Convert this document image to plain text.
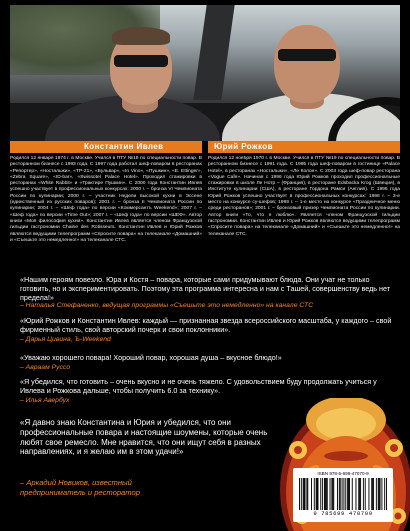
Константин Ивлев	Юрий Рожков
Родился 12 января 1974 г. в Москве. Учился в ПТУ №19 по специальности повар. В ресторанном бизнесе с 1993 года. С 1997 года работал шеф-поваром в ресторанах «Репортер», «Ностальжи», «ТР-21», «Бульвар», «In Vino», «Пушкин», «E. Ettinger», «Zebra Square», «ID-bar», «Swissotel Palace Hotel». Проходил стажировки в ресторанах «White Rabbit» и «Трактире Пушкин». С 2000 года Константин Ивлев успешно участвует в профессиональных конкурсах: 2000 г. – бронза VI Чемпионата России по кулинарии; 2000 г. – участник Недели высокой кухни в Эссене (единственный из русских поваров); 2001 г. – бронза II Чемпионата России по кулинарии; 2004 г. – «Шеф года» по версии «Коммерсантъ Weekend»; 2007 г. – «Шеф года» по версии «Time Out»; 2007 г. – «Шеф года» по версии «ШЕФ». Автор книги «Моя философия кухни». Константин Ивлев является членом Французской гильдии гастрономии Chaine des Rotisseurs. Константин Ивлев и Юрий Рожков являются ведущими телепрограмм «Спросите повара» на телеканале «Домашний» и «Съешьте это немедленно!» на телеканале СТС.
Родился 12 ноября 1970 г. в Москве. Учился в ПТУ №19 по специальности повар. В ресторанном бизнесе с 1991 года. С 1995 года шеф-поваром в гостинице «Palace Hotel», в ресторанах «Ностальжи», «Ле Колон». С 2003 года шеф-повар ресторана «Vogue Cafe». Начиная с 1996 года Юрий Рожков проходил профессиональные стажировки в школе Ле Нотр – (Франция), в ресторане Edsbacka Krog (Швеция), в Институте кулинарии (США), в ресторане Гордона Рамси (Англия). С 1996 года Юрий Рожков успешно участвует в профессиональных конкурсах: 1996 г. – 3-е место на конкурсе су-шефов; 1999 г. – 1-е место на конкурсе «Праздничное меню среди ресторанов»; 2001 г. – бронзовый призер Чемпионата России по кулинарии. Автор книги «То, что я люблю». Является членом Французской гильдии гастрономии. Константин Ивлев и Юрий Рожков являются ведущими телепрограмм «Спросите повара» на телеканале «Домашний» и «Съешьте это немедленно!» на телеканале СТС.
«Нашим героям повезло. Юра и Костя – повара, которые сами придумывают блюда. Они учат не только готовить, но и экспериментировать. Поэтому эта программа интересна и нам с Ташей, совершенству ведь нет предела!»
– Наталья Стефаненко, ведущая программы «Съешьте это немедленно» на канале СТС
«Юрий Рожков и Константин Ивлев: каждый — признанная звезда всероссийского масштаба, у каждого – свой фирменный стиль, свой авторский почерк и свои поклонники».
– Дарья Цивина, Ъ-Weekend
«Уважаю хорошего повара! Хороший повар, хорошая душа – вкусное блюдо!»
– Авраам Руссо
«Я убедился, что готовить – очень вкусно и не очень тяжело. С удовольствием буду продолжать учиться у Ивлева и Рожкова дальше, чтобы получить 6.0 за технику».
– Илья Авербух
«Я давно знаю Константина и Юрия и убедился, что они профессиональные повара и настоящие шоумены, которые очень любят свое ремесло. Мне нравится, что они ищут себя в разных направлениях, и я желаю им в этом удачи!»
– Аркадий Новиков, известный предприниматель и ресторатор
ISBN 978-5-699-47070-9
9 785699 470709
